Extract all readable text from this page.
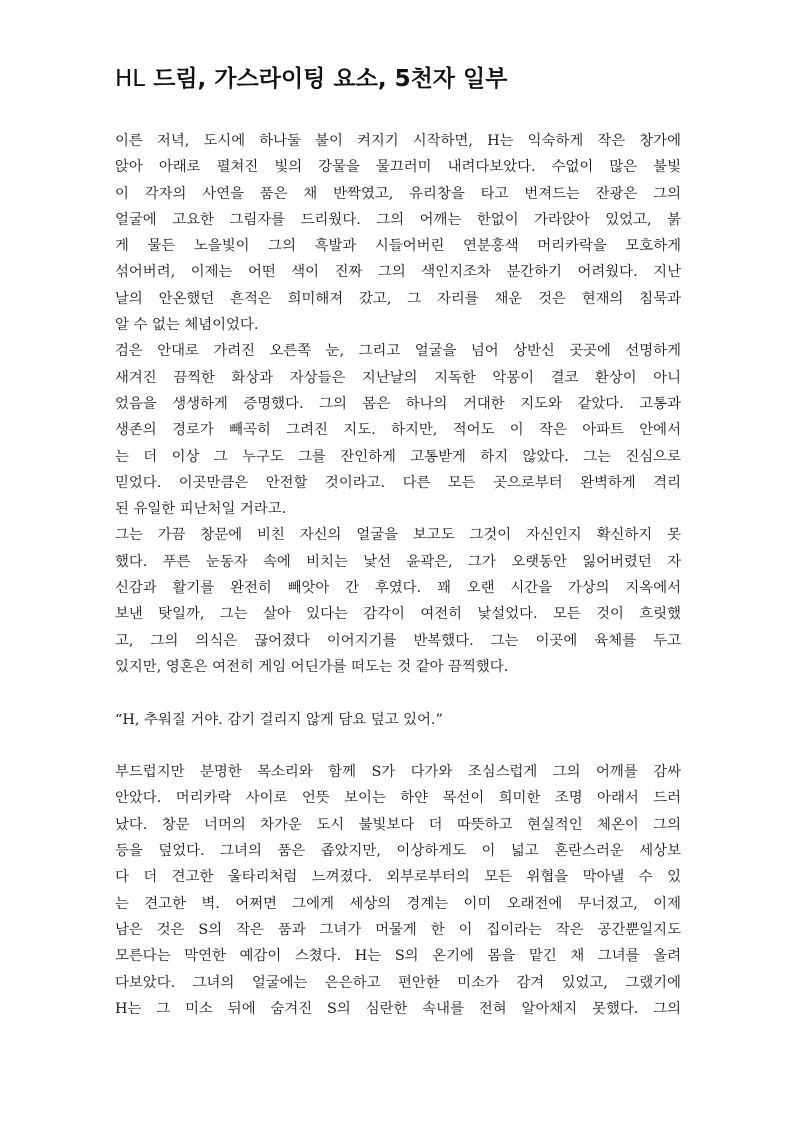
HL 드림, 가스라이팅 요소, 5천자 일부
이른 저녁, 도시에 하나둘 불이 켜지기 시작하면, H는 익숙하게 작은 창가에
앉아 아래로 펼쳐진 빛의 강물을 물끄러미 내려다보았다. 수없이 많은 불빛
이 각자의 사연을 품은 채 반짝였고, 유리창을 타고 번져드는 잔광은 그의
얼굴에 고요한 그림자를 드리웠다. 그의 어깨는 한없이 가라앉아 있었고, 붉
게 물든 노을빛이 그의 흑발과 시들어버린 연분홍색 머리카락을 모호하게
섞어버려, 이제는 어떤 색이 진짜 그의 색인지조차 분간하기 어려웠다. 지난
날의 안온했던 흔적은 희미해져 갔고, 그 자리를 채운 것은 현재의 침묵과
알 수 없는 체념이었다.
검은 안대로 가려진 오른쪽 눈, 그리고 얼굴을 넘어 상반신 곳곳에 선명하게
새겨진 끔찍한 화상과 자상들은 지난날의 지독한 악몽이 결코 환상이 아니
었음을 생생하게 증명했다. 그의 몸은 하나의 거대한 지도와 같았다. 고통과
생존의 경로가 빼곡히 그려진 지도. 하지만, 적어도 이 작은 아파트 안에서
는 더 이상 그 누구도 그를 잔인하게 고통받게 하지 않았다. 그는 진심으로
믿었다. 이곳만큼은 안전할 것이라고. 다른 모든 곳으로부터 완벽하게 격리
된 유일한 피난처일 거라고.
그는 가끔 창문에 비친 자신의 얼굴을 보고도 그것이 자신인지 확신하지 못
했다. 푸른 눈동자 속에 비치는 낯선 윤곽은, 그가 오랫동안 잃어버렸던 자
신감과 활기를 완전히 빼앗아 간 후였다. 꽤 오랜 시간을 가상의 지옥에서
보낸 탓일까, 그는 살아 있다는 감각이 여전히 낯설었다. 모든 것이 흐릿했
고, 그의 의식은 끊어졌다 이어지기를 반복했다. 그는 이곳에 육체를 두고
있지만, 영혼은 여전히 게임 어딘가를 떠도는 것 같아 끔찍했다.
“H, 추워질 거야. 감기 걸리지 않게 담요 덮고 있어.”
부드럽지만 분명한 목소리와 함께 S가 다가와 조심스럽게 그의 어깨를 감싸
안았다. 머리카락 사이로 언뜻 보이는 하얀 목선이 희미한 조명 아래서 드러
났다. 창문 너머의 차가운 도시 불빛보다 더 따뜻하고 현실적인 체온이 그의
등을 덮었다. 그녀의 품은 좁았지만, 이상하게도 이 넓고 혼란스러운 세상보
다 더 견고한 울타리처럼 느껴졌다. 외부로부터의 모든 위협을 막아낼 수 있
는 견고한 벽. 어쩌면 그에게 세상의 경계는 이미 오래전에 무너졌고, 이제
남은 것은 S의 작은 품과 그녀가 머물게 한 이 집이라는 작은 공간뿐일지도
모른다는 막연한 예감이 스쳤다. H는 S의 온기에 몸을 맡긴 채 그녀를 올려
다보았다. 그녀의 얼굴에는 은은하고 편안한 미소가 감겨 있었고, 그랬기에
H는 그 미소 뒤에 숨겨진 S의 심란한 속내를 전혀 알아채지 못했다. 그의
